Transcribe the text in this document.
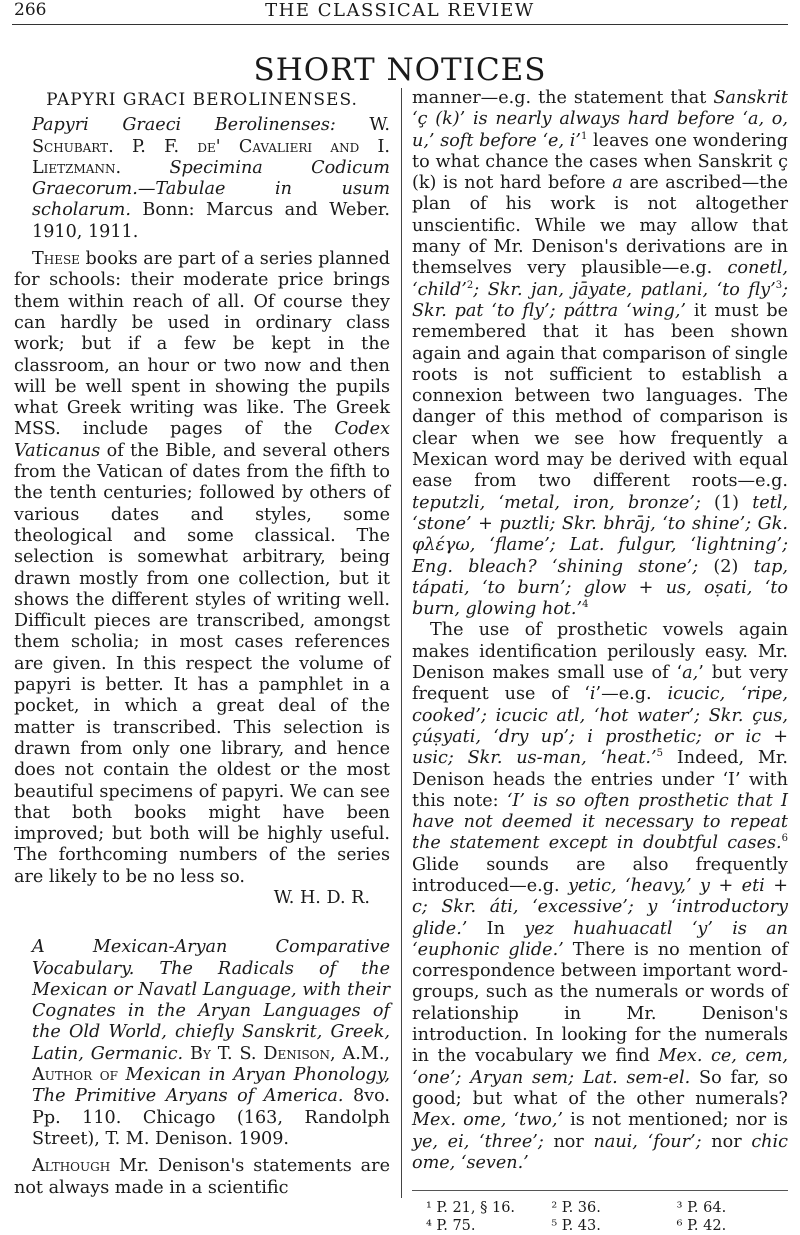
266	THE CLASSICAL REVIEW
SHORT NOTICES
PAPYRI GRACI BEROLINENSES.

Papyri Graeci Berolinenses: W. Schubart. P. F. de' Cavalieri and I. Lietzmann. Specimina Codicum Graecorum.—Tabulae in usum scholarum. Bonn: Marcus and Weber. 1910, 1911.

These books are part of a series planned for schools: their moderate price brings them within reach of all. Of course they can hardly be used in ordinary class work; but if a few be kept in the classroom, an hour or two now and then will be well spent in showing the pupils what Greek writing was like. The Greek MSS. include pages of the Codex Vaticanus of the Bible, and several others from the Vatican of dates from the fifth to the tenth centuries; followed by others of various dates and styles, some theological and some classical. The selection is somewhat arbitrary, being drawn mostly from one collection, but it shows the different styles of writing well. Difficult pieces are transcribed, amongst them scholia; in most cases references are given. In this respect the volume of papyri is better. It has a pamphlet in a pocket, in which a great deal of the matter is transcribed. This selection is drawn from only one library, and hence does not contain the oldest or the most beautiful specimens of papyri. We can see that both books might have been improved; but both will be highly useful. The forthcoming numbers of the series are likely to be no less so.

W. H. D. R.

A Mexican-Aryan Comparative Vocabulary. The Radicals of the Mexican or Navatl Language, with their Cognates in the Aryan Languages of the Old World, chiefly Sanskrit, Greek, Latin, Germanic. By T. S. Denison, A.M., Author of Mexican in Aryan Phonology, The Primitive Aryans of America. 8vo. Pp. 110. Chicago (163, Randolph Street), T. M. Denison. 1909.

Although Mr. Denison's statements are not always made in a scientific

manner—e.g. the statement that Sanskrit ‘ç (k)’ is nearly always hard before ‘a, o, u,’ soft before ‘e, i’$^1$ leaves one wondering to what chance the cases when Sanskrit ç (k) is not hard before a are ascribed—the plan of his work is not altogether unscientific. While we may allow that many of Mr. Denison's derivations are in themselves very plausible—e.g. conetl, ‘child’$^2$; Skr. jan, jāyate, patlani, ‘to fly’$^3$; Skr. pat ‘to fly’; páttra ‘wing,’ it must be remembered that it has been shown again and again that comparison of single roots is not sufficient to establish a connexion between two languages. The danger of this method of comparison is clear when we see how frequently a Mexican word may be derived with equal ease from two different roots—e.g. teputzli, ‘metal, iron, bronze’; (1) tetl, ‘stone’ + puztli; Skr. bhrāj, ‘to shine’; Gk. φλέγω, ‘flame’; Lat. fulgur, ‘lightning’; Eng. bleach? ‘shining stone’; (2) tap, tápati, ‘to burn’; glow + us, oṣati, ‘to burn, glowing hot.’$^4$

The use of prosthetic vowels again makes identification perilously easy. Mr. Denison makes small use of ‘a,’ but very frequent use of ‘i’—e.g. icucic, ‘ripe, cooked’; icucic atl, ‘hot water’; Skr. çus, çúṣyati, ‘dry up’; i prosthetic; or ic + usic; Skr. us-man, ‘heat.’$^5$ Indeed, Mr. Denison heads the entries under ‘I’ with this note: ‘I’ is so often prosthetic that I have not deemed it necessary to repeat the statement except in doubtful cases.$^6$ Glide sounds are also frequently introduced—e.g. yetic, ‘heavy,’ y + eti + c; Skr. áti, ‘excessive’; y ‘introductory glide.’ In yez huahuacatl ‘y’ is an ‘euphonic glide.’ There is no mention of correspondence between important word-groups, such as the numerals or words of relationship in Mr. Denison's introduction. In looking for the numerals in the vocabulary we find Mex. ce, cem, ‘one’; Aryan sem; Lat. sem-el. So far, so good; but what of the other numerals? Mex. ome, ‘two,’ is not mentioned; nor is ye, ei, ‘three’; nor naui, ‘four’; nor chic ome, ‘seven.’

¹ P. 21, § 16.	² P. 36.	³ P. 64.
⁴ P. 75.	⁵ P. 43.	⁶ P. 42.
